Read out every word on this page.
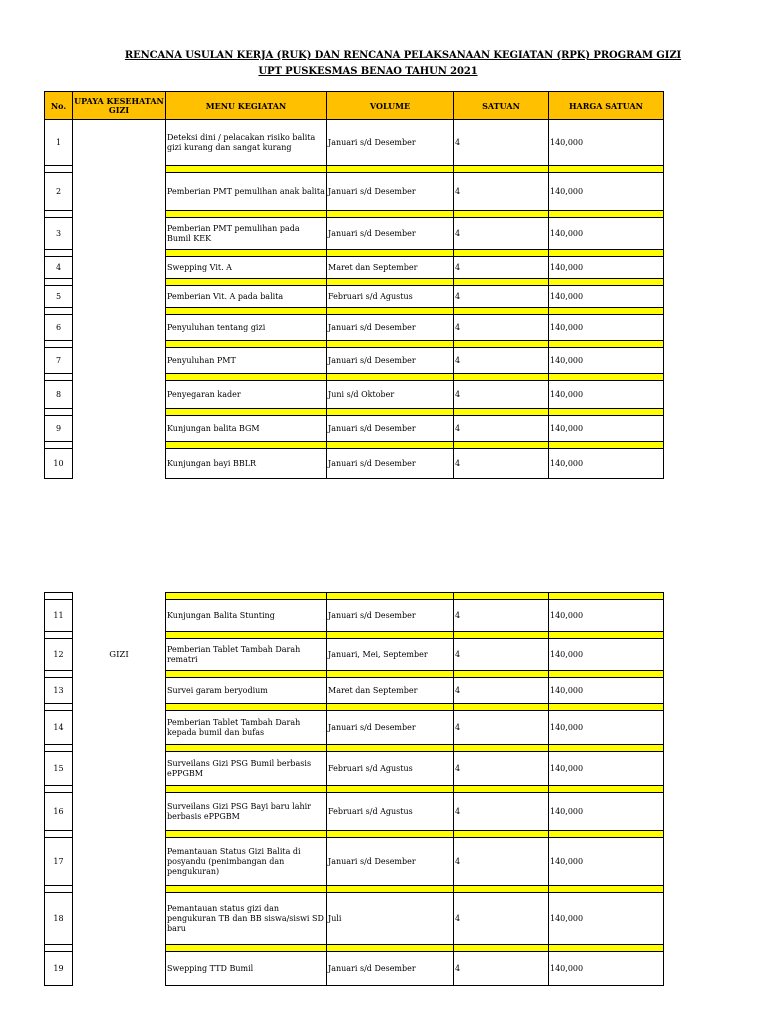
RENCANA USULAN KERJA (RUK) DAN RENCANA PELAKSANAAN KEGIATAN (RPK) PROGRAM GIZI
UPT PUSKESMAS BENAO TAHUN 2021
No.	UPAYA KESEHATAN GIZI	MENU KEGIATAN	VOLUME	SATUAN	HARGA SATUAN
1		Deteksi dini / pelacakan risiko balita gizi kurang dan sangat kurang	Januari s/d Desember	4	140,000

2		Pemberian PMT pemulihan anak balita	Januari s/d Desember	4	140,000

3		Pemberian PMT pemulihan pada Bumil KEK	Januari s/d Desember	4	140,000

4		Swepping Vit. A	Maret dan September	4	140,000

5		Pemberian Vit. A pada balita	Februari s/d Agustus	4	140,000

6		Penyuluhan tentang gizi	Januari s/d Desember	4	140,000

7		Penyuluhan PMT	Januari s/d Desember	4	140,000

8		Penyegaran kader	Juni s/d Oktober	4	140,000

9		Kunjungan balita BGM	Januari s/d Desember	4	140,000

10		Kunjungan bayi BBLR	Januari s/d Desember	4	140,000

11		Kunjungan Balita Stunting	Januari s/d Desember	4	140,000

12	GIZI	Pemberian Tablet Tambah Darah rematri	Januari, Mei, September	4	140,000

13		Survei garam beryodium	Maret dan September	4	140,000

14		Pemberian Tablet Tambah Darah kepada bumil dan bufas	Januari s/d Desember	4	140,000

15		Surveilans Gizi PSG Bumil berbasis ePPGBM	Februari s/d Agustus	4	140,000

16		Surveilans Gizi PSG Bayi baru lahir berbasis ePPGBM	Februari s/d Agustus	4	140,000

17		Pemantauan Status Gizi Balita di posyandu (penimbangan dan pengukuran)	Januari s/d Desember	4	140,000

18		Pemantauan status gizi dan pengukuran TB dan BB siswa/siswi SD baru	Juli	4	140,000

19		Swepping TTD Bumil	Januari s/d Desember	4	140,000
